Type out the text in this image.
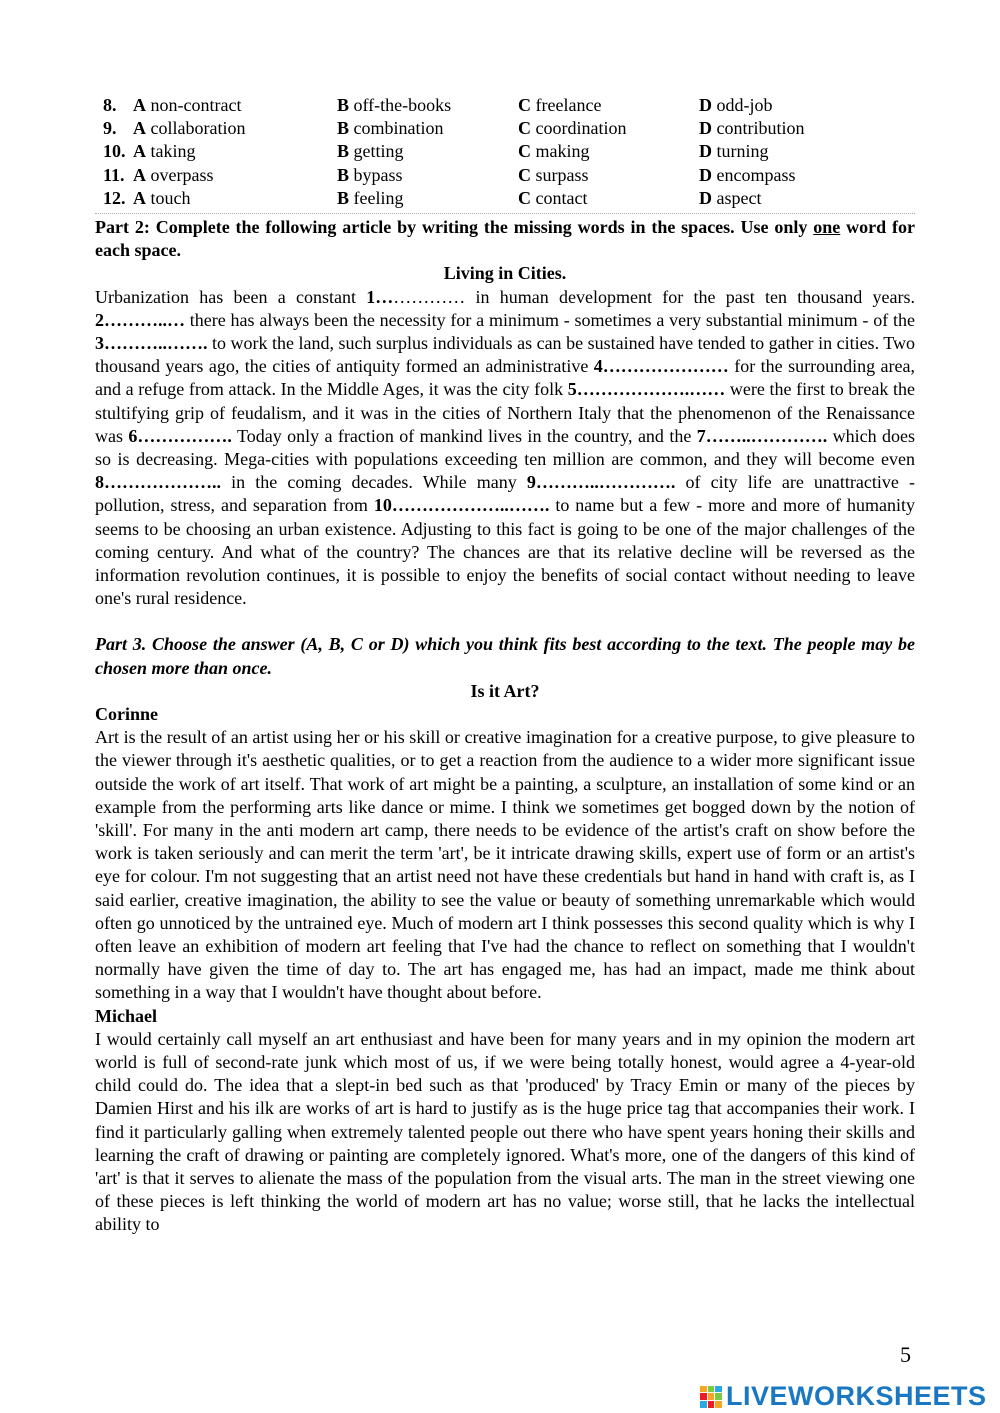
8. A non-contract	B off-the-books	C freelance	D odd-job
9. A collaboration	B combination	C coordination	D contribution
10. A taking	B getting	C making	D turning
11. A overpass	B bypass	C surpass	D encompass
12. A touch	B feeling	C contact	D aspect
Part 2: Complete the following article by writing the missing words in the spaces. Use only one word for each space.
Living in Cities.
Urbanization has been a constant 1…………… in human development for the past ten thousand years. 2………..… there has always been the necessity for a minimum - sometimes a very substantial minimum - of the 3………..……. to work the land, such surplus individuals as can be sustained have tended to gather in cities. Two thousand years ago, the cities of antiquity formed an administrative 4………………… for the surrounding area, and a refuge from attack. In the Middle Ages, it was the city folk 5……………….…… were the first to break the stultifying grip of feudalism, and it was in the cities of Northern Italy that the phenomenon of the Renaissance was 6……………. Today only a fraction of mankind lives in the country, and the 7……..…………. which does so is decreasing. Mega-cities with populations exceeding ten million are common, and they will become even 8……………….. in the coming decades. While many 9………..…………. of city life are unattractive - pollution, stress, and separation from 10………………..……. to name but a few - more and more of humanity seems to be choosing an urban existence. Adjusting to this fact is going to be one of the major challenges of the coming century. And what of the country? The chances are that its relative decline will be reversed as the information revolution continues, it is possible to enjoy the benefits of social contact without needing to leave one's rural residence.
Part 3. Choose the answer (A, B, C or D) which you think fits best according to the text. The people may be chosen more than once.
Is it Art?
Corinne
Art is the result of an artist using her or his skill or creative imagination for a creative purpose, to give pleasure to the viewer through it's aesthetic qualities, or to get a reaction from the audience to a wider more significant issue outside the work of art itself. That work of art might be a painting, a sculpture, an installation of some kind or an example from the performing arts like dance or mime. I think we sometimes get bogged down by the notion of 'skill'. For many in the anti modern art camp, there needs to be evidence of the artist's craft on show before the work is taken seriously and can merit the term 'art', be it intricate drawing skills, expert use of form or an artist's eye for colour. I'm not suggesting that an artist need not have these credentials but hand in hand with craft is, as I said earlier, creative imagination, the ability to see the value or beauty of something unremarkable which would often go unnoticed by the untrained eye. Much of modern art I think possesses this second quality which is why I often leave an exhibition of modern art feeling that I've had the chance to reflect on something that I wouldn't normally have given the time of day to. The art has engaged me, has had an impact, made me think about something in a way that I wouldn't have thought about before.
Michael
I would certainly call myself an art enthusiast and have been for many years and in my opinion the modern art world is full of second-rate junk which most of us, if we were being totally honest, would agree a 4-year-old child could do. The idea that a slept-in bed such as that 'produced' by Tracy Emin or many of the pieces by Damien Hirst and his ilk are works of art is hard to justify as is the huge price tag that accompanies their work. I find it particularly galling when extremely talented people out there who have spent years honing their skills and learning the craft of drawing or painting are completely ignored. What's more, one of the dangers of this kind of 'art' is that it serves to alienate the mass of the population from the visual arts. The man in the street viewing one of these pieces is left thinking the world of modern art has no value; worse still, that he lacks the intellectual ability to
5
LIVEWORKSHEETS
